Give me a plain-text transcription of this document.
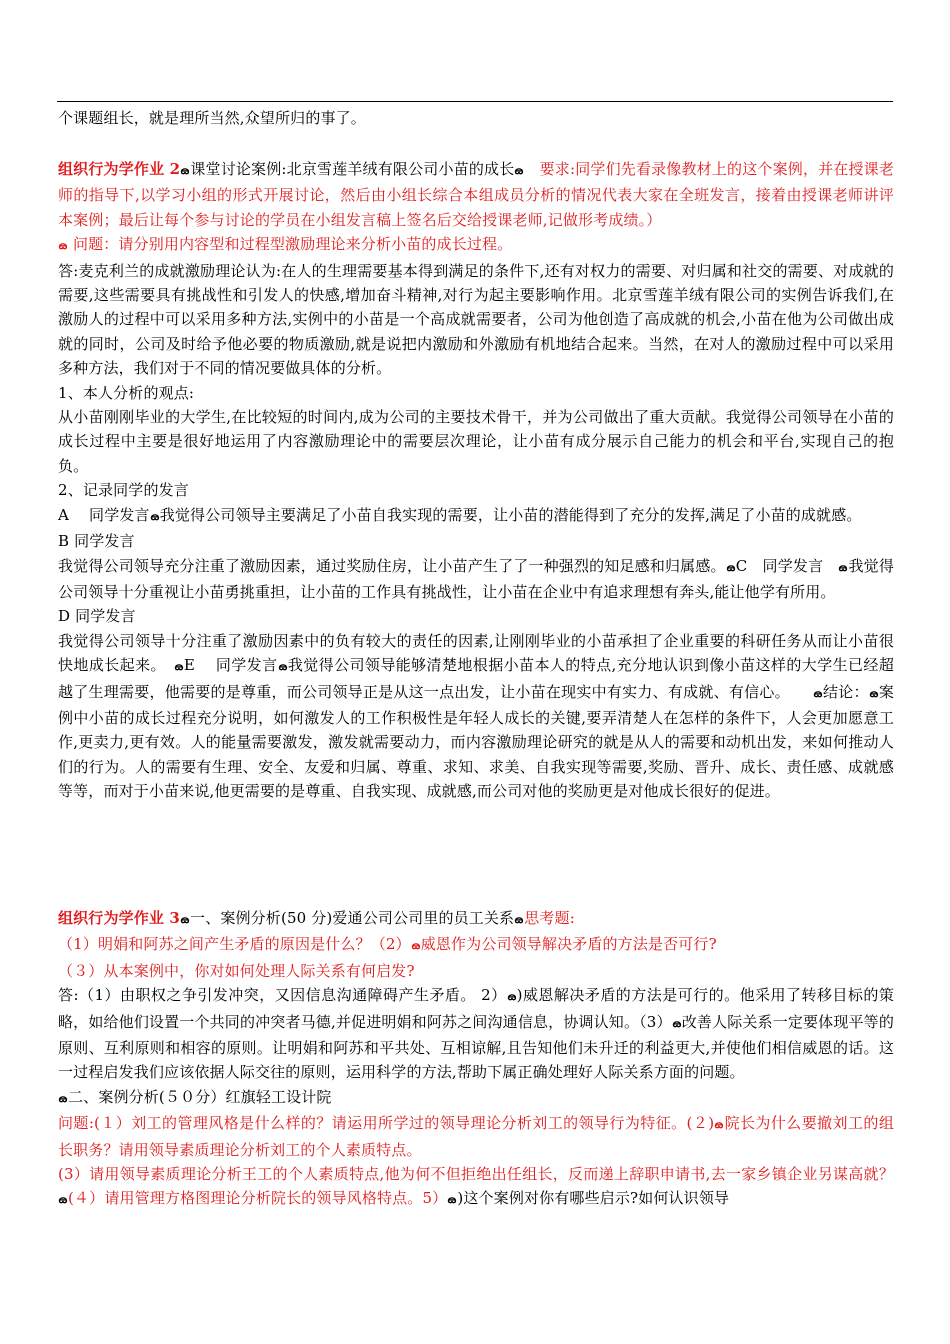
个课题组长，就是理所当然,众望所归的事了。
组织行为学作业 2ౚ课堂讨论案例:北京雪莲羊绒有限公司小苗的成长ౚ　 要求:同学们先看录像教材上的这个案例，并在授课老师的指导下,以学习小组的形式开展讨论，然后由小组长综合本组成员分析的情况代表大家在全班发言，接着由授课老师讲评本案例；最后让每个参与讨论的学员在小组发言稿上签名后交给授课老师,记做形考成绩。）
ౚ 问题：请分别用内容型和过程型激励理论来分析小苗的成长过程。
答:麦克利兰的成就激励理论认为:在人的生理需要基本得到满足的条件下,还有对权力的需要、对归属和社交的需要、对成就的需要,这些需要具有挑战性和引发人的快感,增加奋斗精神,对行为起主要影响作用。北京雪莲羊绒有限公司的实例告诉我们,在激励人的过程中可以采用多种方法,实例中的小苗是一个高成就需要者，公司为他创造了高成就的机会,小苗在他为公司做出成就的同时，公司及时给予他必要的物质激励,就是说把内激励和外激励有机地结合起来。当然，在对人的激励过程中可以采用多种方法，我们对于不同的情况要做具体的分析。
1、本人分析的观点:
从小苗刚刚毕业的大学生,在比较短的时间内,成为公司的主要技术骨干，并为公司做出了重大贡献。我觉得公司领导在小苗的成长过程中主要是很好地运用了内容激励理论中的需要层次理论，让小苗有成分展示自己能力的机会和平台,实现自己的抱负。
2、记录同学的发言
A　 同学发言ౚ我觉得公司领导主要满足了小苗自我实现的需要，让小苗的潜能得到了充分的发挥,满足了小苗的成就感。
B 同学发言
我觉得公司领导充分注重了激励因素，通过奖励住房，让小苗产生了了一种强烈的知足感和归属感。ౚC　同学发言　 ౚ我觉得公司领导十分重视让小苗勇挑重担，让小苗的工作具有挑战性，让小苗在企业中有追求理想有奔头,能让他学有所用。
D 同学发言
我觉得公司领导十分注重了激励因素中的负有较大的责任的因素,让刚刚毕业的小苗承担了企业重要的科研任务从而让小苗很快地成长起来。　 ౚE　 同学发言ౚ我觉得公司领导能够清楚地根据小苗本人的特点,充分地认识到像小苗这样的大学生已经超越了生理需要，他需要的是尊重，而公司领导正是从这一点出发，让小苗在现实中有实力、有成就、有信心。　　	ౚ结论：ౚ案例中小苗的成长过程充分说明，如何激发人的工作积极性是年轻人成长的关键,要弄清楚人在怎样的条件下，人会更加愿意工作,更卖力,更有效。人的能量需要激发，激发就需要动力，而内容激励理论研究的就是从人的需要和动机出发，来如何推动人们的行为。人的需要有生理、安全、友爱和归属、尊重、求知、求美、自我实现等需要,奖励、晋升、成长、责任感、成就感等等，而对于小苗来说,他更需要的是尊重、自我实现、成就感,而公司对他的奖励更是对他成长很好的促进。
组织行为学作业 3ౚ一、案例分析(50 分)爱通公司公司里的员工关系ౚ思考题:
（1）明娟和阿苏之间产生矛盾的原因是什么？（2）ౚ威恩作为公司领导解决矛盾的方法是否可行?
（３）从本案例中，你对如何处理人际关系有何启发?
答:（1）由职权之争引发冲突，又因信息沟通障碍产生矛盾。 2）ౚ)威恩解决矛盾的方法是可行的。他采用了转移目标的策略，如给他们设置一个共同的冲突者马德,并促进明娟和阿苏之间沟通信息，协调认知。（3）ౚ改善人际关系一定要体现平等的原则、互利原则和相容的原则。让明娟和阿苏和平共处、互相谅解,且告知他们未升迁的利益更大,并使他们相信威恩的话。这一过程启发我们应该依据人际交往的原则，运用科学的方法,帮助下属正确处理好人际关系方面的问题。
ౚ二、案例分析(５０分）红旗轻工设计院
问题:(１）刘工的管理风格是什么样的？请运用所学过的领导理论分析刘工的领导行为特征。(２)ౚ院长为什么要撤刘工的组长职务？请用领导素质理论分析刘工的个人素质特点。
(3）请用领导素质理论分析王工的个人素质特点,他为何不但拒绝出任组长，反而递上辞职申请书,去一家乡镇企业另谋高就？ౚ(４）请用管理方格图理论分析院长的领导风格特点。5）ౚ)这个案例对你有哪些启示?如何认识领导
